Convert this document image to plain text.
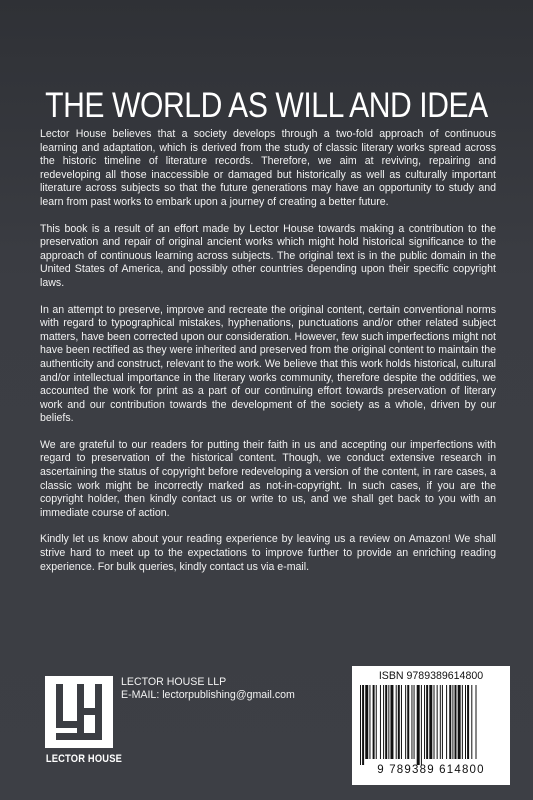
THE WORLD AS WILL AND IDEA

Lector House believes that a society develops through a two-fold approach of continuous learning and adaptation, which is derived from the study of classic literary works spread across the historic timeline of literature records. Therefore, we aim at reviving, repairing and redeveloping all those inaccessible or damaged but historically as well as culturally important literature across subjects so that the future generations may have an opportunity to study and learn from past works to embark upon a journey of creating a better future.

This book is a result of an effort made by Lector House towards making a contribution to the preservation and repair of original ancient works which might hold historical significance to the approach of continuous learning across subjects. The original text is in the public domain in the United States of America, and possibly other countries depending upon their specific copyright laws.

In an attempt to preserve, improve and recreate the original content, certain conventional norms with regard to typographical mistakes, hyphenations, punctuations and/or other related subject matters, have been corrected upon our consideration. However, few such imperfections might not have been rectified as they were inherited and preserved from the original content to maintain the authenticity and construct, relevant to the work. We believe that this work holds historical, cultural and/or intellectual importance in the literary works community, therefore despite the oddities, we accounted the work for print as a part of our continuing effort towards preservation of literary work and our contribution towards the development of the society as a whole, driven by our beliefs.

We are grateful to our readers for putting their faith in us and accepting our imperfections with regard to preservation of the historical content. Though, we conduct extensive research in ascertaining the status of copyright before redeveloping a version of the content, in rare cases, a classic work might be incorrectly marked as not-in-copyright. In such cases, if you are the copyright holder, then kindly contact us or write to us, and we shall get back to you with an immediate course of action.

Kindly let us know about your reading experience by leaving us a review on Amazon! We shall strive hard to meet up to the expectations to improve further to provide an enriching reading experience. For bulk queries, kindly contact us via e-mail.

LECTOR HOUSE
LECTOR HOUSE LLP
E-MAIL: lectorpublishing@gmail.com
ISBN 9789389614800
9 789389 614800
